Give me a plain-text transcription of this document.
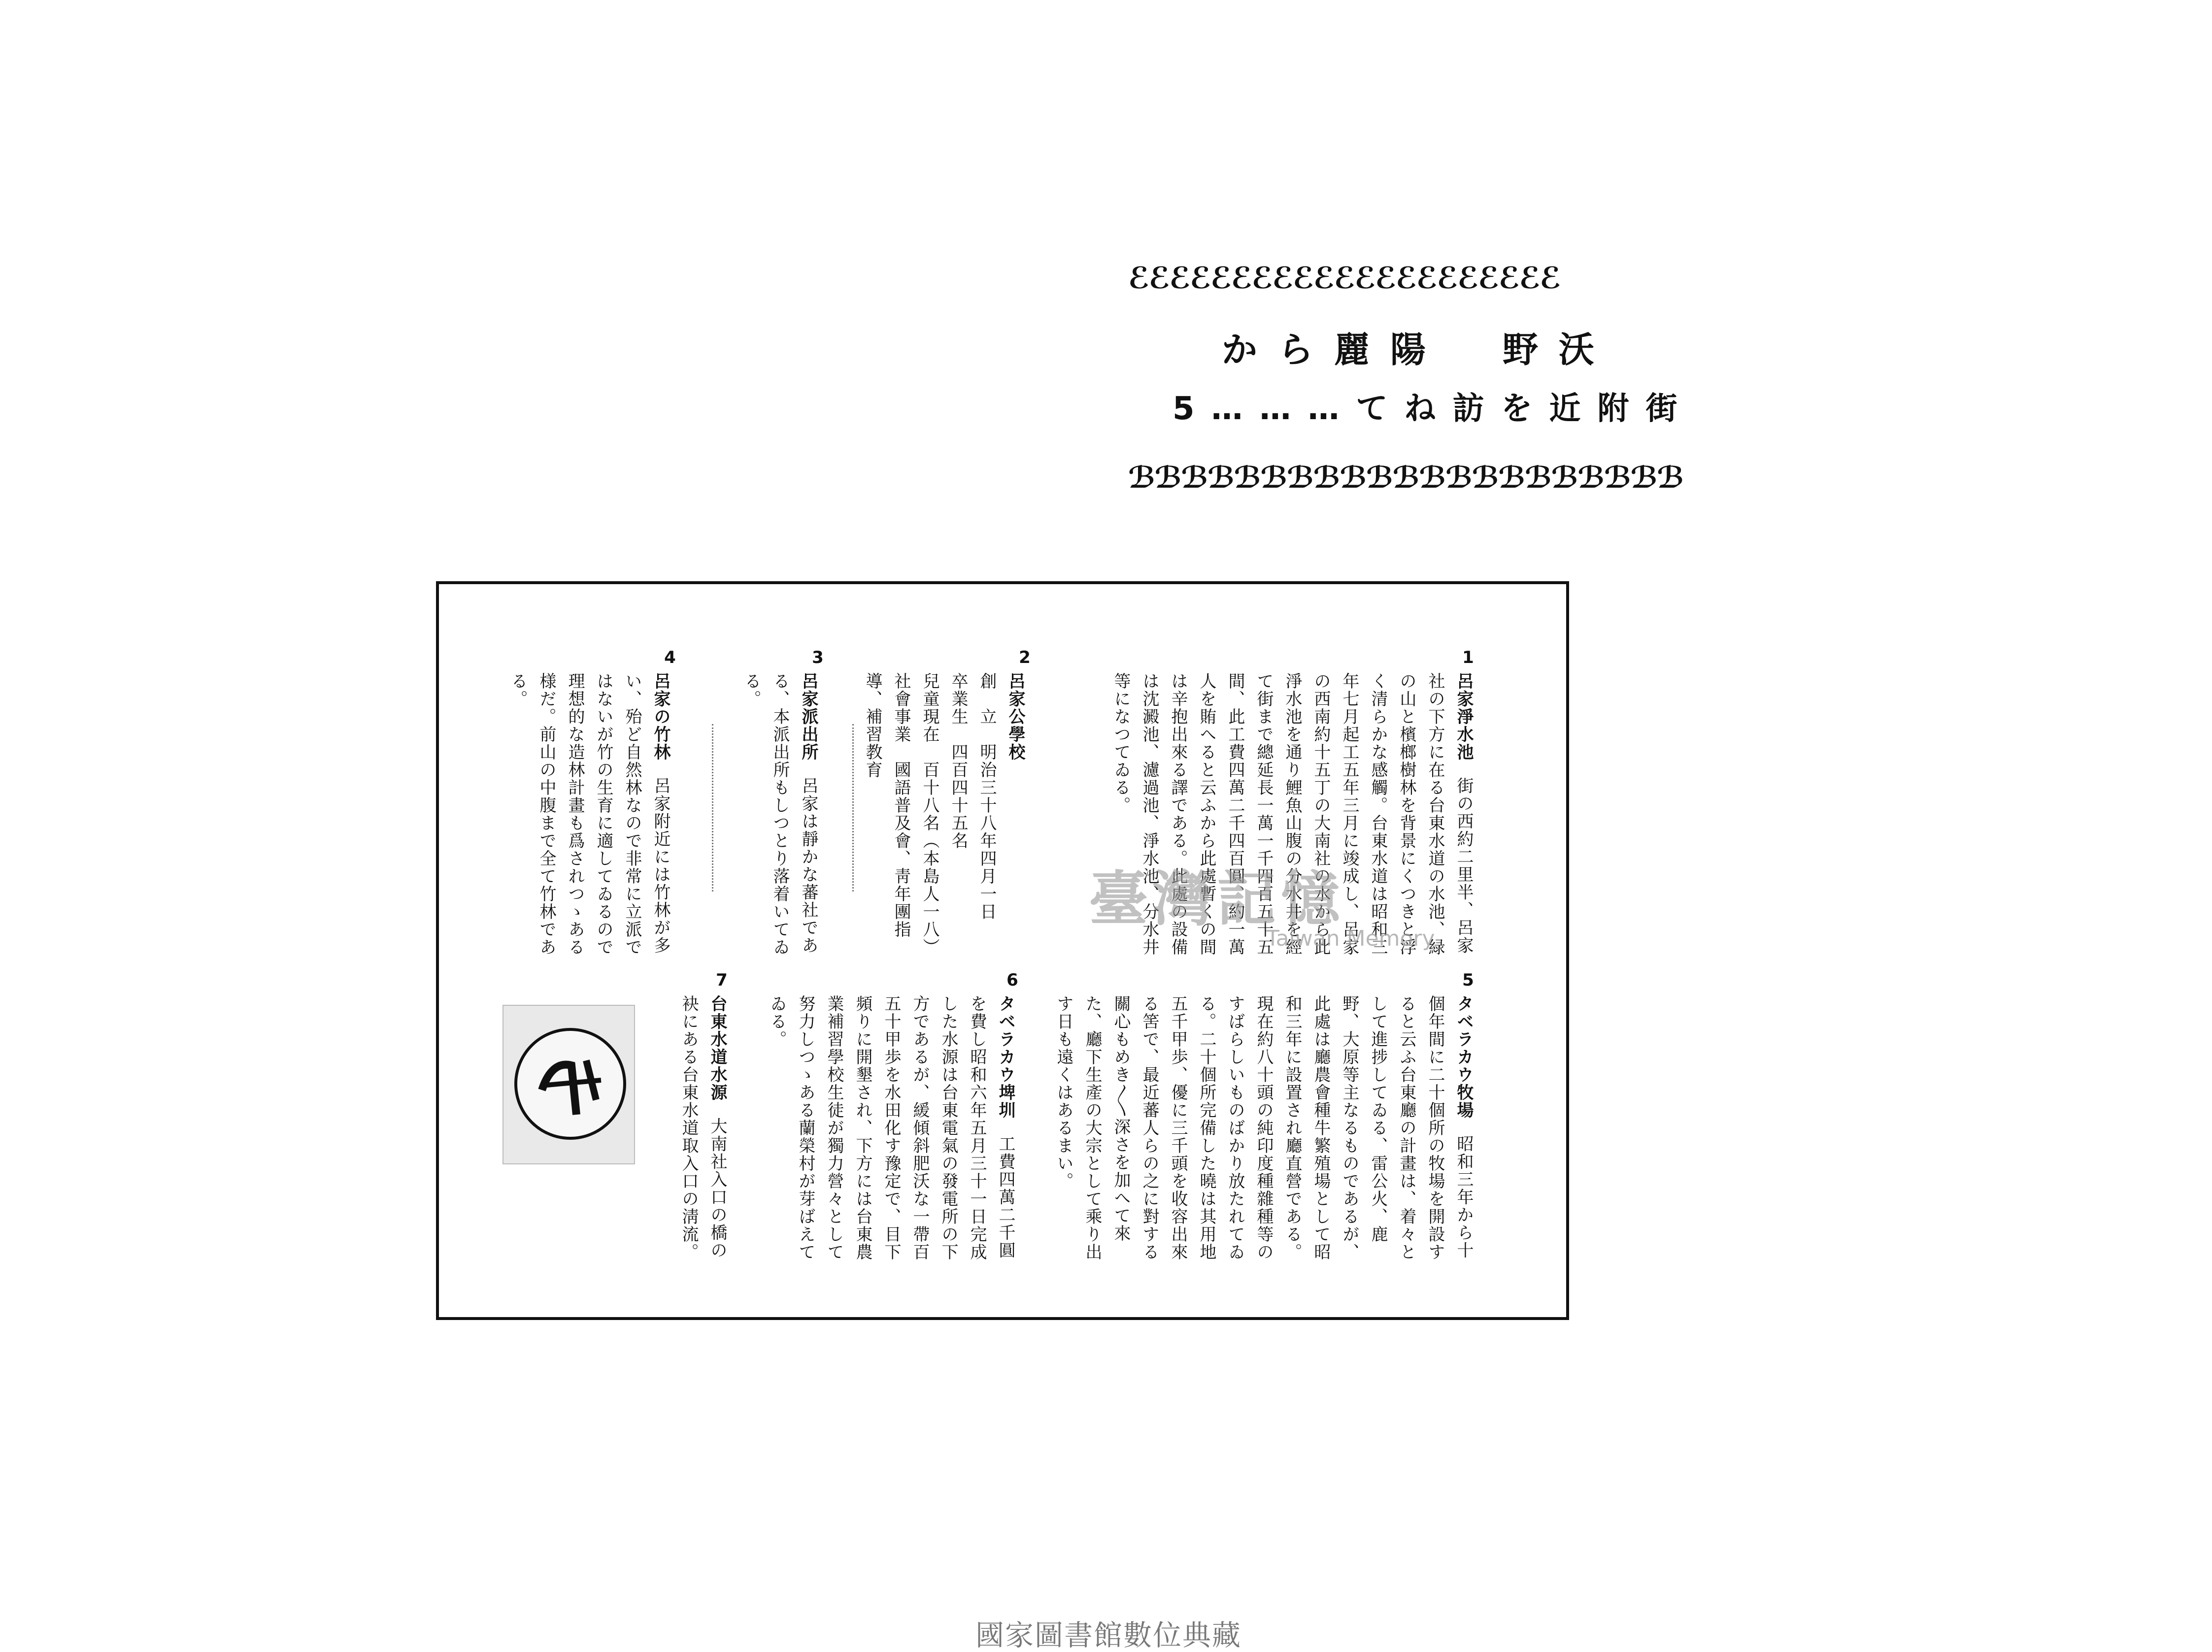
ℰℰℰℰℰℰℰℰℰℰℰℰℰℰℰℰℰℰℰℰℰ
から麗陽　野沃
5………てね訪を近附街
ℬℬℬℬℬℬℬℬℬℬℬℬℬℬℬℬℬℬℬℬℬ
1
呂家淨水池 街の西約二里半、呂家社の下方に在る台東水道の水池、緑の山と檳榔樹林を背景にくつきと浮く清らかな感觸。台東水道は昭和三年七月起工五年三月に竣成し、呂家の西南約十五丁の大南社の水から此淨水池を通り鯉魚山腹の分水井を經て街まで總延長一萬一千四百五十五間、此工費四萬二千四百圓、約一萬人を賄へると云ふから此處暫くの間は辛抱出來る譯である。此處の設備は沈澱池、濾過池、淨水池、分水井等になつてゐる。
2
呂家公學校
創　立　明治三十八年四月一日
卒業生　四百四十五名
兒童現在　百十八名（本島人一八）
社會事業　國語普及會、靑年團指導、補習教育
3
呂家派出所 呂家は靜かな蕃社である、本派出所もしつとり落着いてゐる。
4
呂家の竹林 呂家附近には竹林が多い、殆ど自然林なので非常に立派ではないが竹の生育に適してゐるので理想的な造林計畫も爲されつゝある様だ。前山の中腹まで全て竹林である。
5
タベラカウ牧場 昭和三年から十個年間に二十個所の牧場を開設すると云ふ台東廳の計畫は、着々として進捗してゐる、雷公火、鹿野、大原等主なるものであるが、此處は廳農會種牛繁殖場として昭和三年に設置され廳直營である。現在約八十頭の純印度種雜種等のすばらしいものばかり放たれてゐる。二十個所完備した曉は其用地五千甲歩、優に三千頭を收容出來る筈で、最近蕃人らの之に對する關心もめき〳〵深さを加へて來た、廳下生產の大宗として乘り出す日も遠くはあるまい。
6
タベラカウ埤圳 工費四萬二千圓を費し昭和六年五月三十一日完成した水源は台東電氣の發電所の下方であるが、緩傾斜肥沃な一帶百五十甲歩を水田化す豫定で、目下頻りに開墾され、下方には台東農業補習學校生徒が獨力營々として努力しつゝある蘭榮村が芽ばえてゐる。
7
台東水道水源 大南社入口の橋の袂にある台東水道取入口の淸流。
臺灣記憶
Taiwan Memory
國家圖書館數位典藏
